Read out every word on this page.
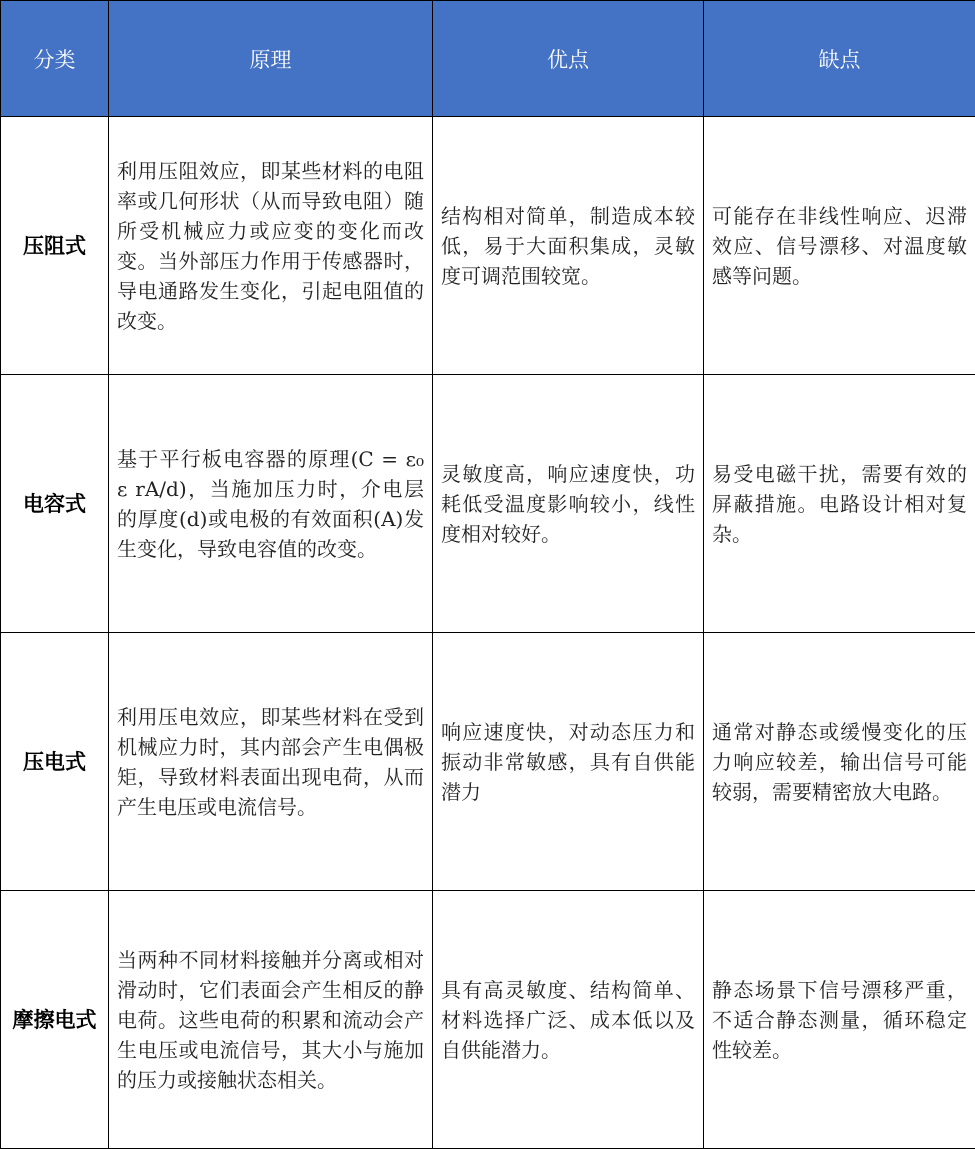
分类	原理	优点	缺点
压阻式	利用压阻效应，即某些材料的电阻率或几何形状（从而导致电阻）随所受机械应力或应变的变化而改变。当外部压力作用于传感器时，导电通路发生变化，引起电阻值的改变。	结构相对简单，制造成本较低，易于大面积集成，灵敏度可调范围较宽。	可能存在非线性响应、迟滞效应、信号漂移、对温度敏感等问题。
电容式	基于平行板电容器的原理(C = ε₀ ε rA/d)，当施加压力时，介电层的厚度(d)或电极的有效面积(A)发生变化，导致电容值的改变。	灵敏度高，响应速度快，功耗低受温度影响较小，线性度相对较好。	易受电磁干扰，需要有效的屏蔽措施。电路设计相对复杂。
压电式	利用压电效应，即某些材料在受到机械应力时，其内部会产生电偶极矩，导致材料表面出现电荷，从而产生电压或电流信号。	响应速度快，对动态压力和振动非常敏感，具有自供能潜力	通常对静态或缓慢变化的压力响应较差，输出信号可能较弱，需要精密放大电路。
摩擦电式	当两种不同材料接触并分离或相对滑动时，它们表面会产生相反的静电荷。这些电荷的积累和流动会产生电压或电流信号，其大小与施加的压力或接触状态相关。	具有高灵敏度、结构简单、材料选择广泛、成本低以及自供能潜力。	静态场景下信号漂移严重，不适合静态测量，循环稳定性较差。
